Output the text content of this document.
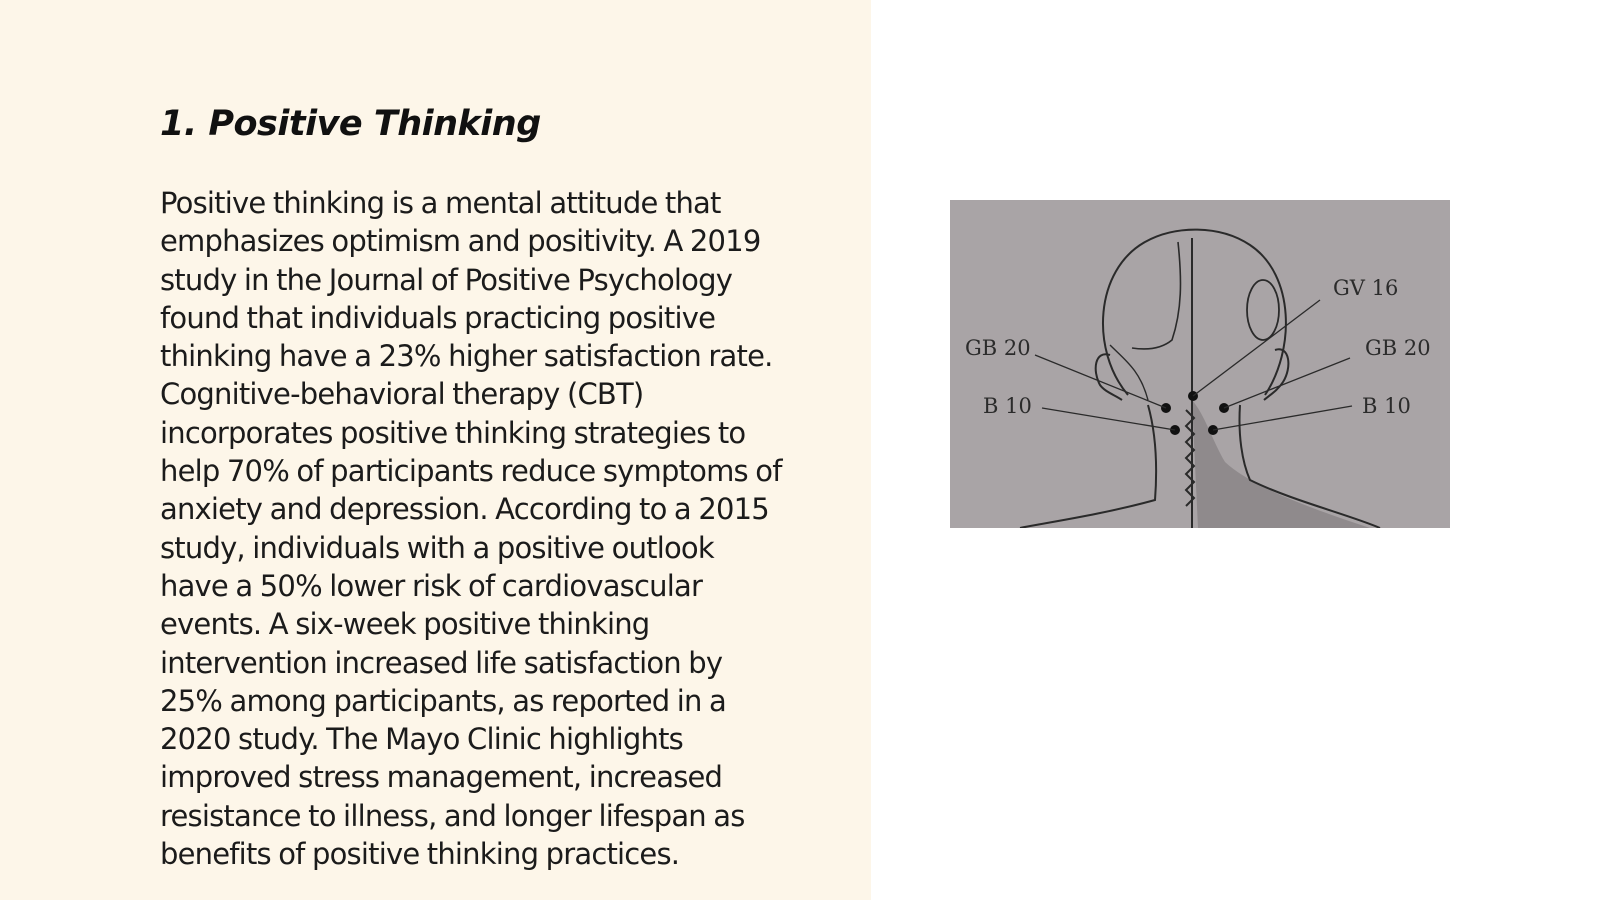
1. Positive Thinking

Positive thinking is a mental attitude that
emphasizes optimism and positivity. A 2019
study in the Journal of Positive Psychology
found that individuals practicing positive
thinking have a 23% higher satisfaction rate.
Cognitive-behavioral therapy (CBT)
incorporates positive thinking strategies to
help 70% of participants reduce symptoms of
anxiety and depression. According to a 2015
study, individuals with a positive outlook
have a 50% lower risk of cardiovascular
events. A six-week positive thinking
intervention increased life satisfaction by
25% among participants, as reported in a
2020 study. The Mayo Clinic highlights
improved stress management, increased
resistance to illness, and longer lifespan as
benefits of positive thinking practices.

GV 16
GB 20	GB 20
B 10	B 10
